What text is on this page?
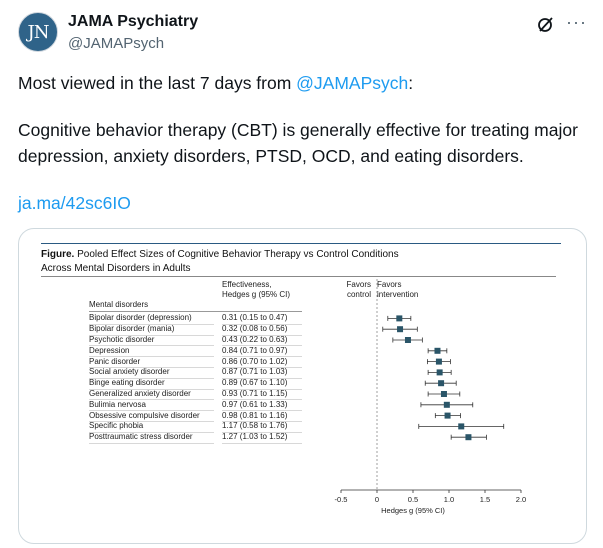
JN	JAMA Psychiatry
@JAMAPsych
···
Most viewed in the last 7 days from @JAMAPsych:
Cognitive behavior therapy (CBT) is generally effective for treating major depression, anxiety disorders, PTSD, OCD, and eating disorders.
ja.ma/42sc6IO
Figure. Pooled Effect Sizes of Cognitive Behavior Therapy vs Control Conditions
Across Mental Disorders in Adults
Effectiveness,
Hedges g (95% CI)
Mental disorders
Favors
control
Favors
intervention
Bipolar disorder (depression)	0.31 (0.15 to 0.47)
Bipolar disorder (mania)	0.32 (0.08 to 0.56)
Psychotic disorder	0.43 (0.22 to 0.63)
Depression	0.84 (0.71 to 0.97)
Panic disorder	0.86 (0.70 to 1.02)
Social anxiety disorder	0.87 (0.71 to 1.03)
Binge eating disorder	0.89 (0.67 to 1.10)
Generalized anxiety disorder	0.93 (0.71 to 1.15)
Bulimia nervosa	0.97 (0.61 to 1.33)
Obsessive compulsive disorder	0.98 (0.81 to 1.16)
Specific phobia	1.17 (0.58 to 1.76)
Posttraumatic stress disorder	1.27 (1.03 to 1.52)
-0.5	0	0.5	1.0	1.5	2.0
Hedges g (95% CI)
